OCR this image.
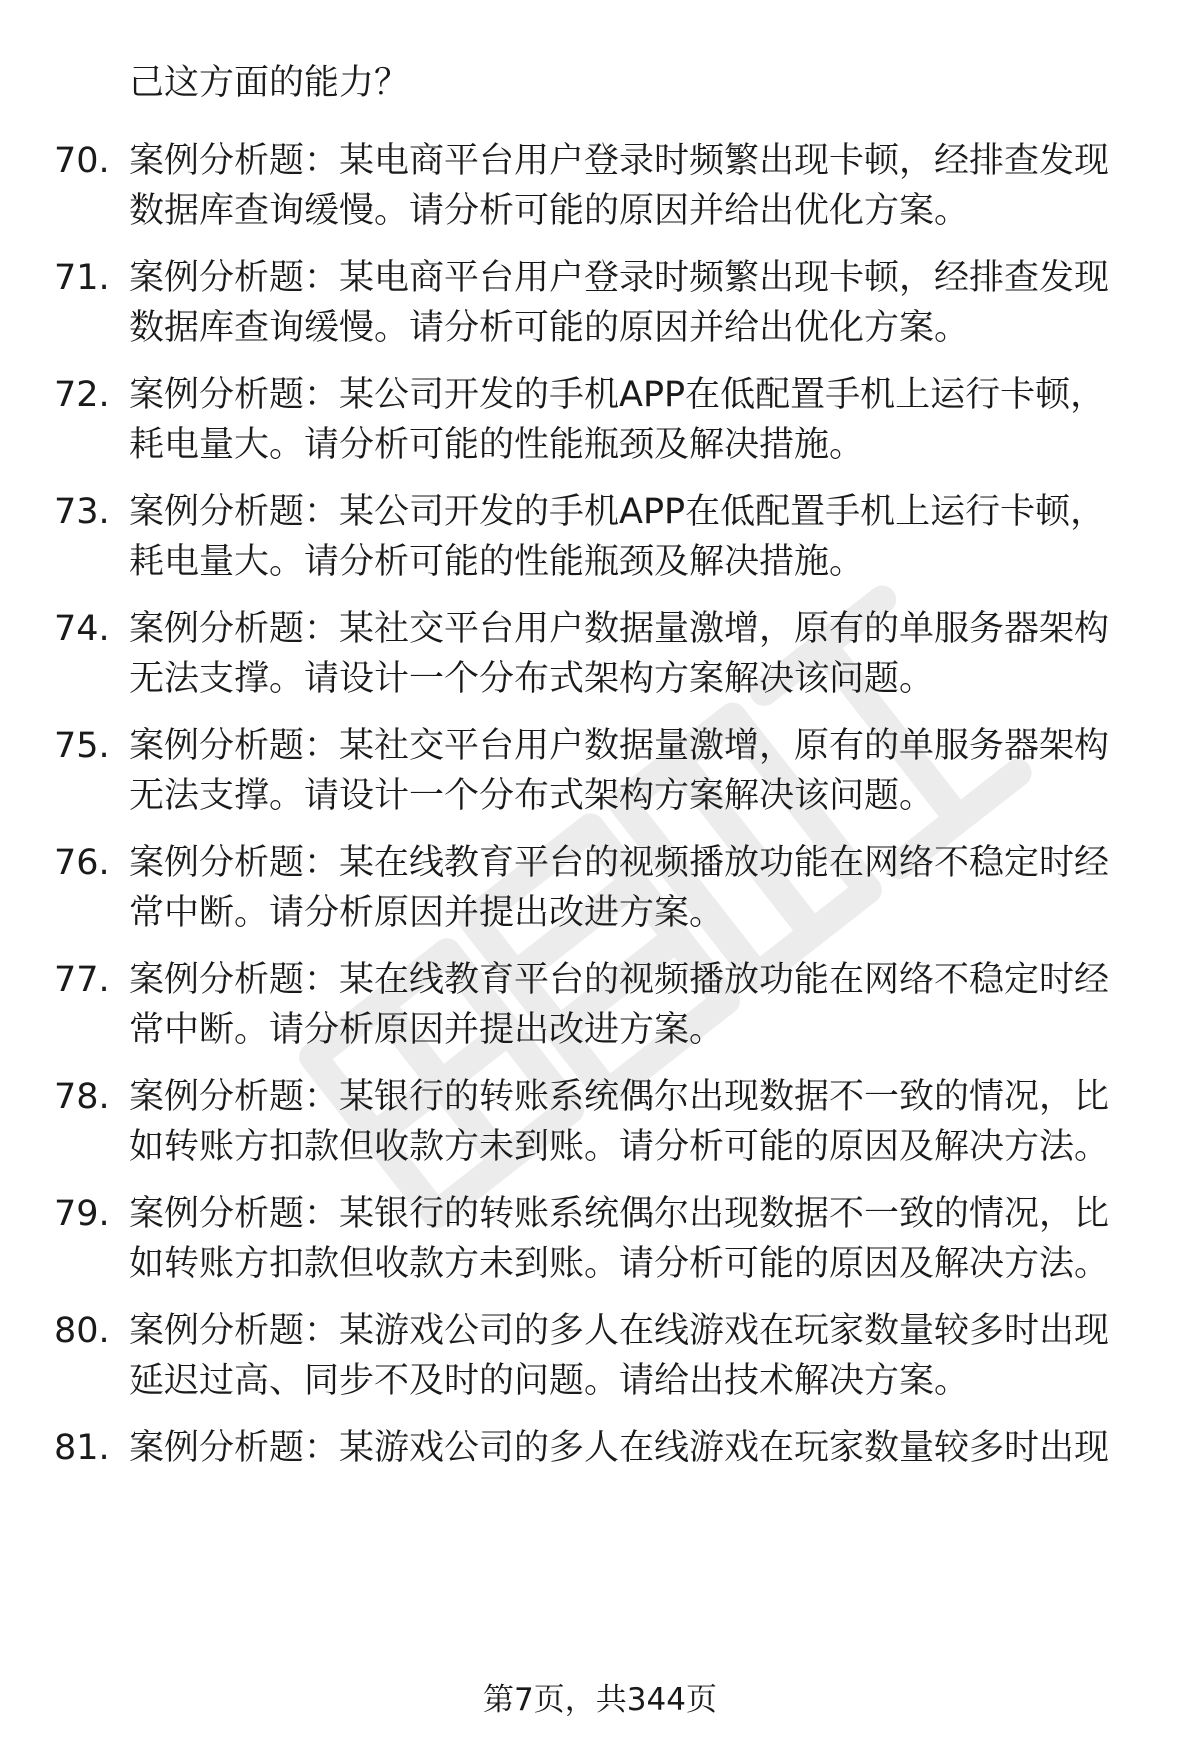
己这方面的能力？
70. 案例分析题：某电商平台用户登录时频繁出现卡顿，经排查发现
数据库查询缓慢。请分析可能的原因并给出优化方案。
71. 案例分析题：某电商平台用户登录时频繁出现卡顿，经排查发现
数据库查询缓慢。请分析可能的原因并给出优化方案。
72. 案例分析题：某公司开发的手机APP在低配置手机上运行卡顿，
耗电量大。请分析可能的性能瓶颈及解决措施。
73. 案例分析题：某公司开发的手机APP在低配置手机上运行卡顿，
耗电量大。请分析可能的性能瓶颈及解决措施。
74. 案例分析题：某社交平台用户数据量激增，原有的单服务器架构
无法支撑。请设计一个分布式架构方案解决该问题。
75. 案例分析题：某社交平台用户数据量激增，原有的单服务器架构
无法支撑。请设计一个分布式架构方案解决该问题。
76. 案例分析题：某在线教育平台的视频播放功能在网络不稳定时经
常中断。请分析原因并提出改进方案。
77. 案例分析题：某在线教育平台的视频播放功能在网络不稳定时经
常中断。请分析原因并提出改进方案。
78. 案例分析题：某银行的转账系统偶尔出现数据不一致的情况，比
如转账方扣款但收款方未到账。请分析可能的原因及解决方法。
79. 案例分析题：某银行的转账系统偶尔出现数据不一致的情况，比
如转账方扣款但收款方未到账。请分析可能的原因及解决方法。
80. 案例分析题：某游戏公司的多人在线游戏在玩家数量较多时出现
延迟过高、同步不及时的问题。请给出技术解决方案。
81. 案例分析题：某游戏公司的多人在线游戏在玩家数量较多时出现
第7页，共344页
